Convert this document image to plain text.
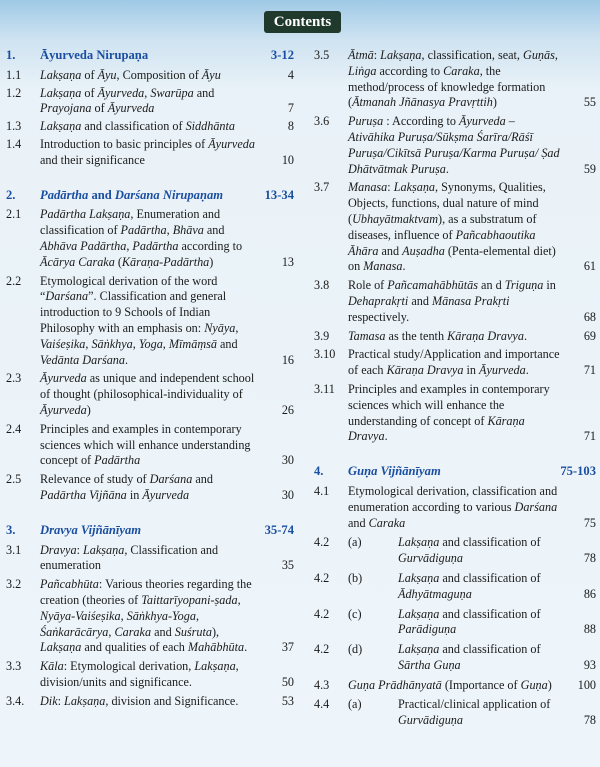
Contents
1.	Āyurveda Nirupaṇa	3-12
1.1	Lakṣaṇa of Āyu, Composition of Āyu	4
1.2	Lakṣaṇa of Āyurveda, Swarūpa and Prayojana of Āyurveda	7
1.3	Lakṣaṇa and classification of Siddhānta	8
1.4	Introduction to basic principles of Āyurveda and their significance	10
2.	Padārtha and Darśana Nirupaṇam	13-34
2.1	Padārtha Lakṣaṇa, Enumeration and classification of Padārtha, Bhāva and Abhāva Padārtha, Padārtha according to Ācārya Caraka (Kāraṇa-Padārtha)	13
2.2	Etymological derivation of the word “Darśana”. Classification and general introduction to 9 Schools of Indian Philosophy with an emphasis on: Nyāya, Vaiśeṣika, Sāṅkhya, Yoga, Mīmāṃsā and Vedānta Darśana.	16
2.3	Āyurveda as unique and independent school of thought (philosophical-individuality of Āyurveda)	26
2.4	Principles and examples in contemporary sciences which will enhance understanding concept of Padārtha	30
2.5	Relevance of study of Darśana and Padārtha Vijñāna in Āyurveda	30
3.	Dravya Vijñānīyam	35-74
3.1	Dravya: Lakṣaṇa, Classification and enumeration	35
3.2	Pañcabhūta: Various theories regarding the creation (theories of Taittarīyopani-ṣada, Nyāya-Vaiśeṣika, Sāṅkhya-Yoga, Śaṅkarācārya, Caraka and Suśruta), Lakṣaṇa and qualities of each Mahābhūta.	37
3.3	Kāla: Etymological derivation, Lakṣaṇa, division/units and significance.	50
3.4.	Dik: Lakṣaṇa, division and Significance.	53
3.5	Ātmā: Lakṣaṇa, classification, seat, Guṇās, Liṅga according to Caraka, the method/process of knowledge formation (Ātmanah Jñānasya Pravṛttih)	55
3.6	Puruṣa : According to Āyurveda – Ativāhika Puruṣa/Sūkṣma Śarīra/Rāśī Puruṣa/Cikītsā Puruṣa/Karma Puruṣa/ Ṣad Dhātvātmak Puruṣa.	59
3.7	Manasa: Lakṣaṇa, Synonyms, Qualities, Objects, functions, dual nature of mind (Ubhayātmaktvam), as a substratum of diseases, influence of Pañcabhaoutika Āhāra and Auṣadha (Penta-elemental diet) on Manasa.	61
3.8	Role of Pañcamahābhūtās an d Triguṇa in Dehaprakṛti and Mānasa Prakṛti respectively.	68
3.9	Tamasa as the tenth Kāraṇa Dravya.	69
3.10	Practical study/Application and importance of each Kāraṇa Dravya in Āyurveda.	71
3.11	Principles and examples in contemporary sciences which will enhance the understanding of concept of Kāraṇa Dravya.	71
4.	Guṇa Vijñānīyam	75-103
4.1	Etymological derivation, classification and enumeration according to various Darśana and Caraka	75
4.2 (a)	Lakṣaṇa and classification of Gurvādiguṇa	78
4.2 (b)	Lakṣaṇa and classification of Ādhyātmaguṇa	86
4.2 (c)	Lakṣaṇa and classification of Parādiguṇa	88
4.2 (d)	Lakṣaṇa and classification of Sārtha Guṇa	93
4.3	Guṇa Prādhānyatā (Importance of Guṇa)	100
4.4 (a)	Practical/clinical application of Gurvādiguṇa	78
